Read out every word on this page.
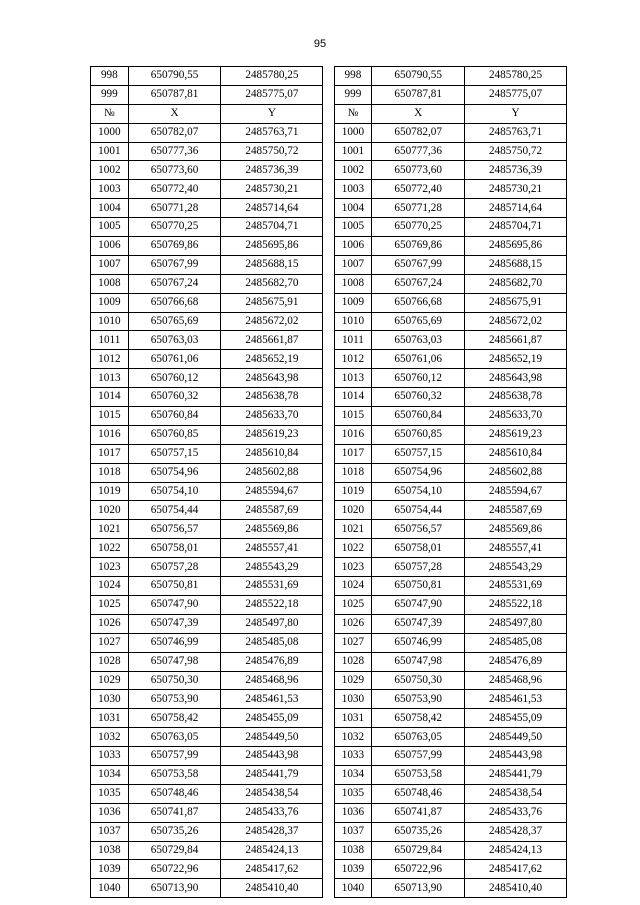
95
998	650790,55	2485780,25		998	650790,55	2485780,25
999	650787,81	2485775,07		999	650787,81	2485775,07
№	X	Y		№	X	Y
1000	650782,07	2485763,71		1000	650782,07	2485763,71
1001	650777,36	2485750,72		1001	650777,36	2485750,72
1002	650773,60	2485736,39		1002	650773,60	2485736,39
1003	650772,40	2485730,21		1003	650772,40	2485730,21
1004	650771,28	2485714,64		1004	650771,28	2485714,64
1005	650770,25	2485704,71		1005	650770,25	2485704,71
1006	650769,86	2485695,86		1006	650769,86	2485695,86
1007	650767,99	2485688,15		1007	650767,99	2485688,15
1008	650767,24	2485682,70		1008	650767,24	2485682,70
1009	650766,68	2485675,91		1009	650766,68	2485675,91
1010	650765,69	2485672,02		1010	650765,69	2485672,02
1011	650763,03	2485661,87		1011	650763,03	2485661,87
1012	650761,06	2485652,19		1012	650761,06	2485652,19
1013	650760,12	2485643,98		1013	650760,12	2485643,98
1014	650760,32	2485638,78		1014	650760,32	2485638,78
1015	650760,84	2485633,70		1015	650760,84	2485633,70
1016	650760,85	2485619,23		1016	650760,85	2485619,23
1017	650757,15	2485610,84		1017	650757,15	2485610,84
1018	650754,96	2485602,88		1018	650754,96	2485602,88
1019	650754,10	2485594,67		1019	650754,10	2485594,67
1020	650754,44	2485587,69		1020	650754,44	2485587,69
1021	650756,57	2485569,86		1021	650756,57	2485569,86
1022	650758,01	2485557,41		1022	650758,01	2485557,41
1023	650757,28	2485543,29		1023	650757,28	2485543,29
1024	650750,81	2485531,69		1024	650750,81	2485531,69
1025	650747,90	2485522,18		1025	650747,90	2485522,18
1026	650747,39	2485497,80		1026	650747,39	2485497,80
1027	650746,99	2485485,08		1027	650746,99	2485485,08
1028	650747,98	2485476,89		1028	650747,98	2485476,89
1029	650750,30	2485468,96		1029	650750,30	2485468,96
1030	650753,90	2485461,53		1030	650753,90	2485461,53
1031	650758,42	2485455,09		1031	650758,42	2485455,09
1032	650763,05	2485449,50		1032	650763,05	2485449,50
1033	650757,99	2485443,98		1033	650757,99	2485443,98
1034	650753,58	2485441,79		1034	650753,58	2485441,79
1035	650748,46	2485438,54		1035	650748,46	2485438,54
1036	650741,87	2485433,76		1036	650741,87	2485433,76
1037	650735,26	2485428,37		1037	650735,26	2485428,37
1038	650729,84	2485424,13		1038	650729,84	2485424,13
1039	650722,96	2485417,62		1039	650722,96	2485417,62
1040	650713,90	2485410,40		1040	650713,90	2485410,40
